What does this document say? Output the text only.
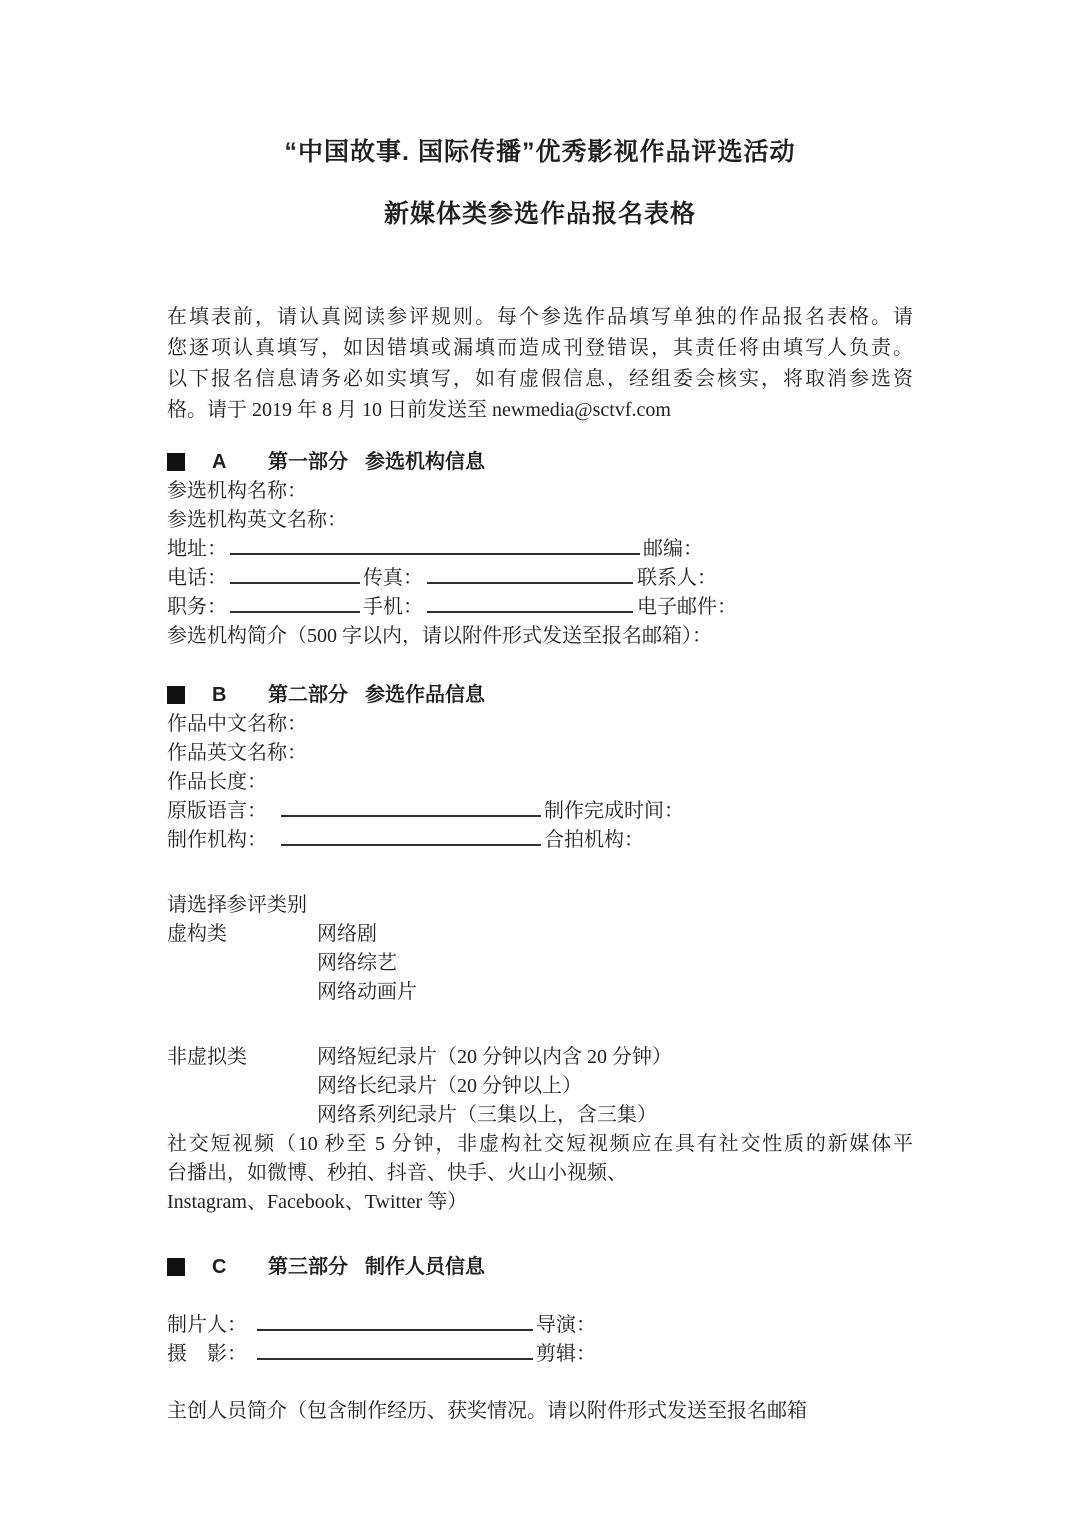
“中国故事. 国际传播”优秀影视作品评选活动
新媒体类参选作品报名表格
在填表前，请认真阅读参评规则。每个参选作品填写单独的作品报名表格。请
您逐项认真填写，如因错填或漏填而造成刊登错误，其责任将由填写人负责。
以下报名信息请务必如实填写，如有虚假信息，经组委会核实，将取消参选资
格。请于 2019 年 8 月 10 日前发送至 newmedia@sctvf.com
A 第一部分 参选机构信息
参选机构名称：
参选机构英文名称：
地址：	邮编：
电话：	传真：	联系人：
职务：	手机：	电子邮件：
参选机构简介（500 字以内，请以附件形式发送至报名邮箱）：
B 第二部分 参选作品信息
作品中文名称：
作品英文名称：
作品长度：
原版语言：	制作完成时间：
制作机构：	合拍机构：
请选择参评类别
虚构类	网络剧
网络综艺
网络动画片
非虚拟类	网络短纪录片（20 分钟以内含 20 分钟）
网络长纪录片（20 分钟以上）
网络系列纪录片（三集以上，含三集）
社交短视频（10 秒至 5 分钟，非虚构社交短视频应在具有社交性质的新媒体平
台播出，如微博、秒拍、抖音、快手、火山小视频、
Instagram、Facebook、Twitter 等）
C 第三部分 制作人员信息
制片人：	导演：
摄　影：	剪辑：
主创人员简介（包含制作经历、获奖情况。请以附件形式发送至报名邮箱
